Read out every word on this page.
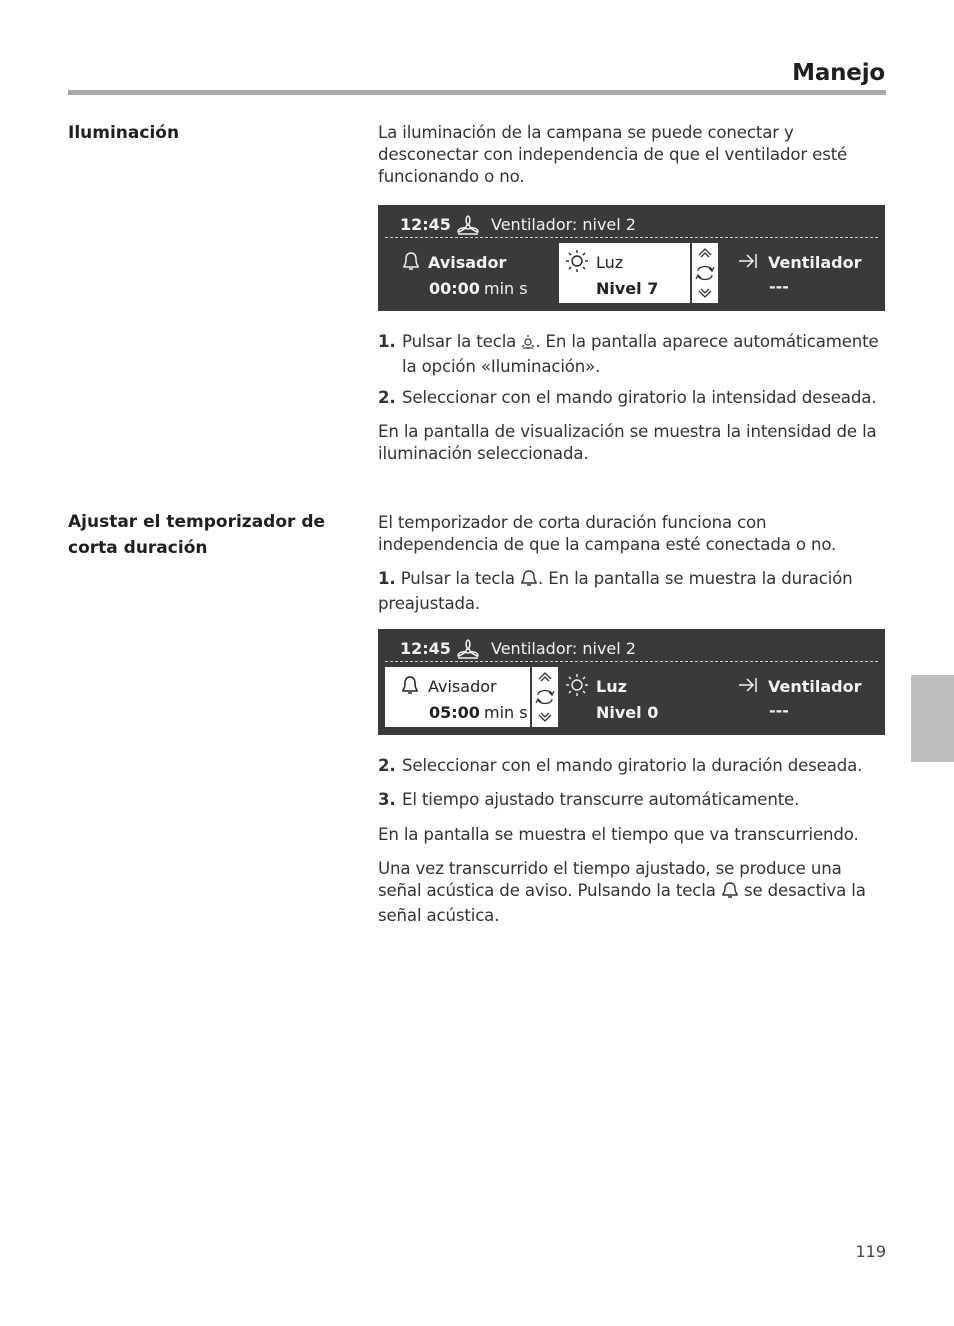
Manejo
Iluminación	La iluminación de la campana se puede conectar y desconectar con independencia de que el ventilador esté funcionando o no.
12:45	Ventilador: nivel 2
Avisador
00:00 min s
Luz
Nivel 7
Ventilador
---
1. Pulsar la tecla . En la pantalla aparece automáticamente la opción «Iluminación».
2. Seleccionar con el mando giratorio la intensidad deseada.
En la pantalla de visualización se muestra la intensidad de la iluminación seleccionada.
Ajustar el temporizador de corta duración
El temporizador de corta duración funciona con independencia de que la campana esté conectada o no.
1. Pulsar la tecla . En la pantalla se muestra la duración preajustada.
12:45	Ventilador: nivel 2
Avisador
05:00 min s
Luz
Nivel 0
Ventilador
---
2. Seleccionar con el mando giratorio la duración deseada.
3. El tiempo ajustado transcurre automáticamente.
En la pantalla se muestra el tiempo que va transcurriendo.
Una vez transcurrido el tiempo ajustado, se produce una señal acústica de aviso. Pulsando la tecla  se desactiva la señal acústica.
119
